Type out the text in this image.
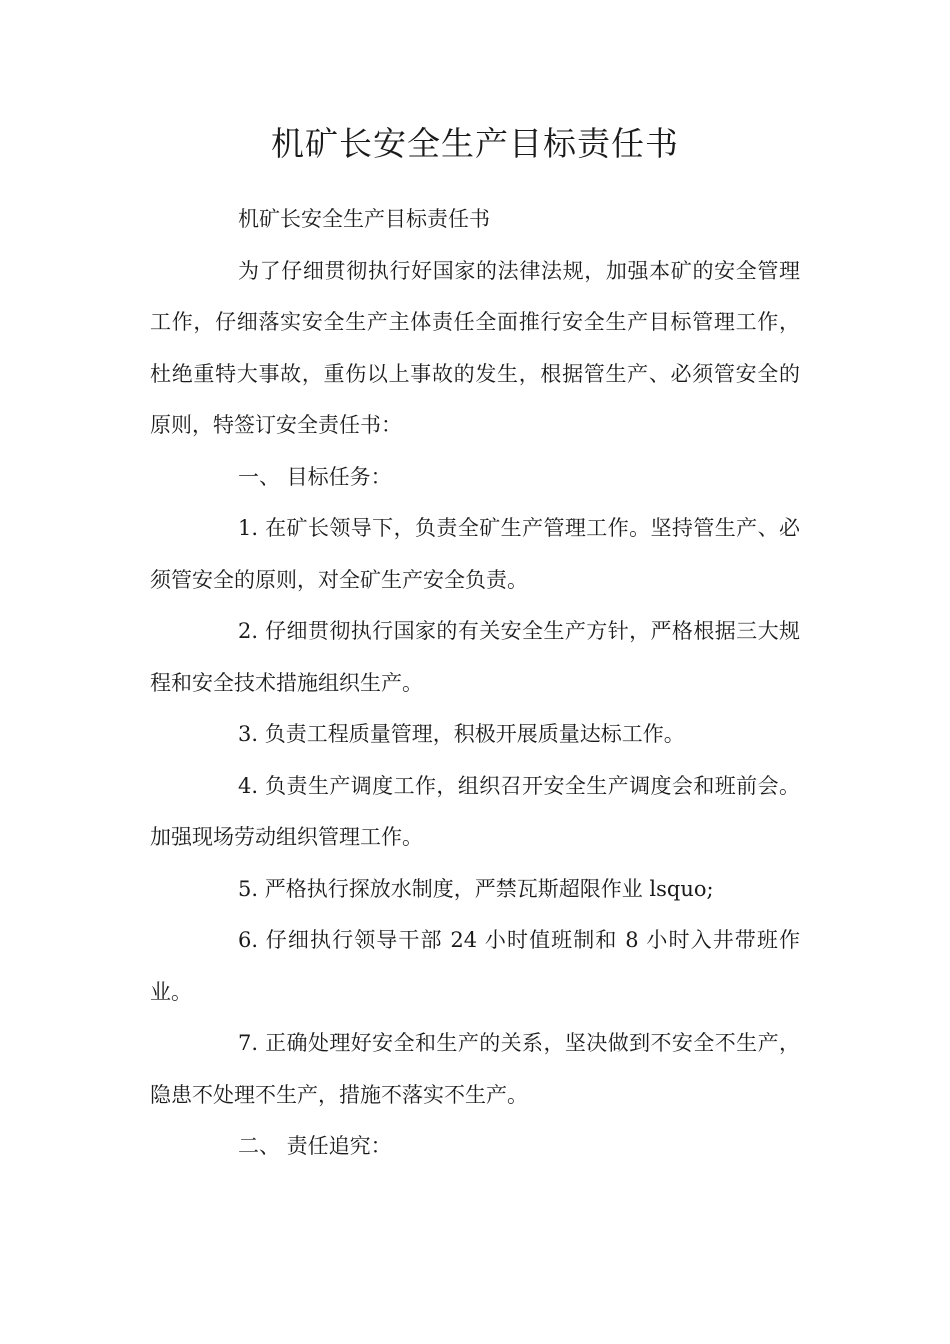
机矿长安全生产目标责任书

机矿长安全生产目标责任书

为了仔细贯彻执行好国家的法律法规，加强本矿的安全管理工作，仔细落实安全生产主体责任全面推行安全生产目标管理工作，杜绝重特大事故，重伤以上事故的发生，根据管生产、必须管安全的原则，特签订安全责任书：

一、 目标任务：

1. 在矿长领导下，负责全矿生产管理工作。坚持管生产、必须管安全的原则，对全矿生产安全负责。

2. 仔细贯彻执行国家的有关安全生产方针，严格根据三大规程和安全技术措施组织生产。

3. 负责工程质量管理，积极开展质量达标工作。

4. 负责生产调度工作，组织召开安全生产调度会和班前会。加强现场劳动组织管理工作。

5. 严格执行探放水制度，严禁瓦斯超限作业 lsquo;

6. 仔细执行领导干部 24 小时值班制和 8 小时入井带班作业。

7. 正确处理好安全和生产的关系，坚决做到不安全不生产，隐患不处理不生产，措施不落实不生产。

二、 责任追究：
